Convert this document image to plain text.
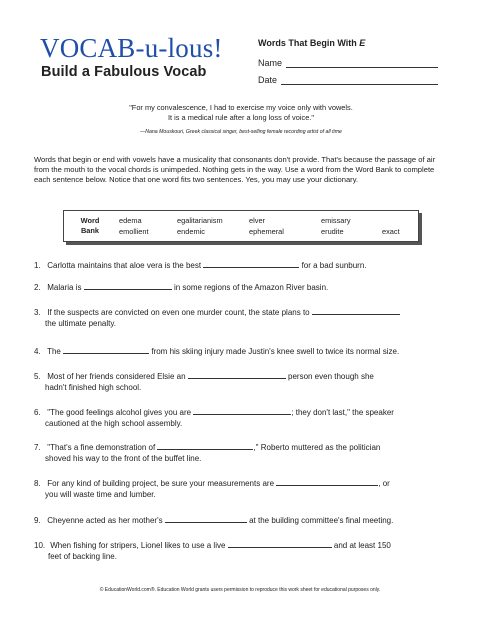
VOCAB-u-lous!
Build a Fabulous Vocab
Words That Begin With E
Name
Date
"For my convalescence, I had to exercise my voice only with vowels.
It is a medical rule after a long loss of voice."
—Nana Mouskouri, Greek classical singer, best-selling female recording artist of all time
Words that begin or end with vowels have a musicality that consonants don't provide. That's because the passage of air from the mouth to the vocal chords is unimpeded. Nothing gets in the way. Use a word from the Word Bank to complete each sentence below. Notice that one word fits two sentences. Yes, you may use your dictionary.
Word
Bank
edema	egalitarianism	elver	emissary
emollient	endemic	ephemeral	erudite	exact
1. Carlotta maintains that aloe vera is the best	for a bad sunburn.
2. Malaria is	in some regions of the Amazon River basin.
3. If the suspects are convicted on even one murder count, the state plans to
the ultimate penalty.
4. The	from his skiing injury made Justin's knee swell to twice its normal size.
5. Most of her friends considered Elsie an	person even though she
hadn't finished high school.
6. "The good feelings alcohol gives you are	; they don't last," the speaker
cautioned at the high school assembly.
7. "That's a fine demonstration of	," Roberto muttered as the politician
shoved his way to the front of the buffet line.
8. For any kind of building project, be sure your measurements are	, or
you will waste time and lumber.
9. Cheyenne acted as her mother's	at the building committee's final meeting.
10. When fishing for stripers, Lionel likes to use a live	and at least 150
feet of backing line.
© EducationWorld.com®. Education World grants users permission to reproduce this work sheet for educational purposes only.
